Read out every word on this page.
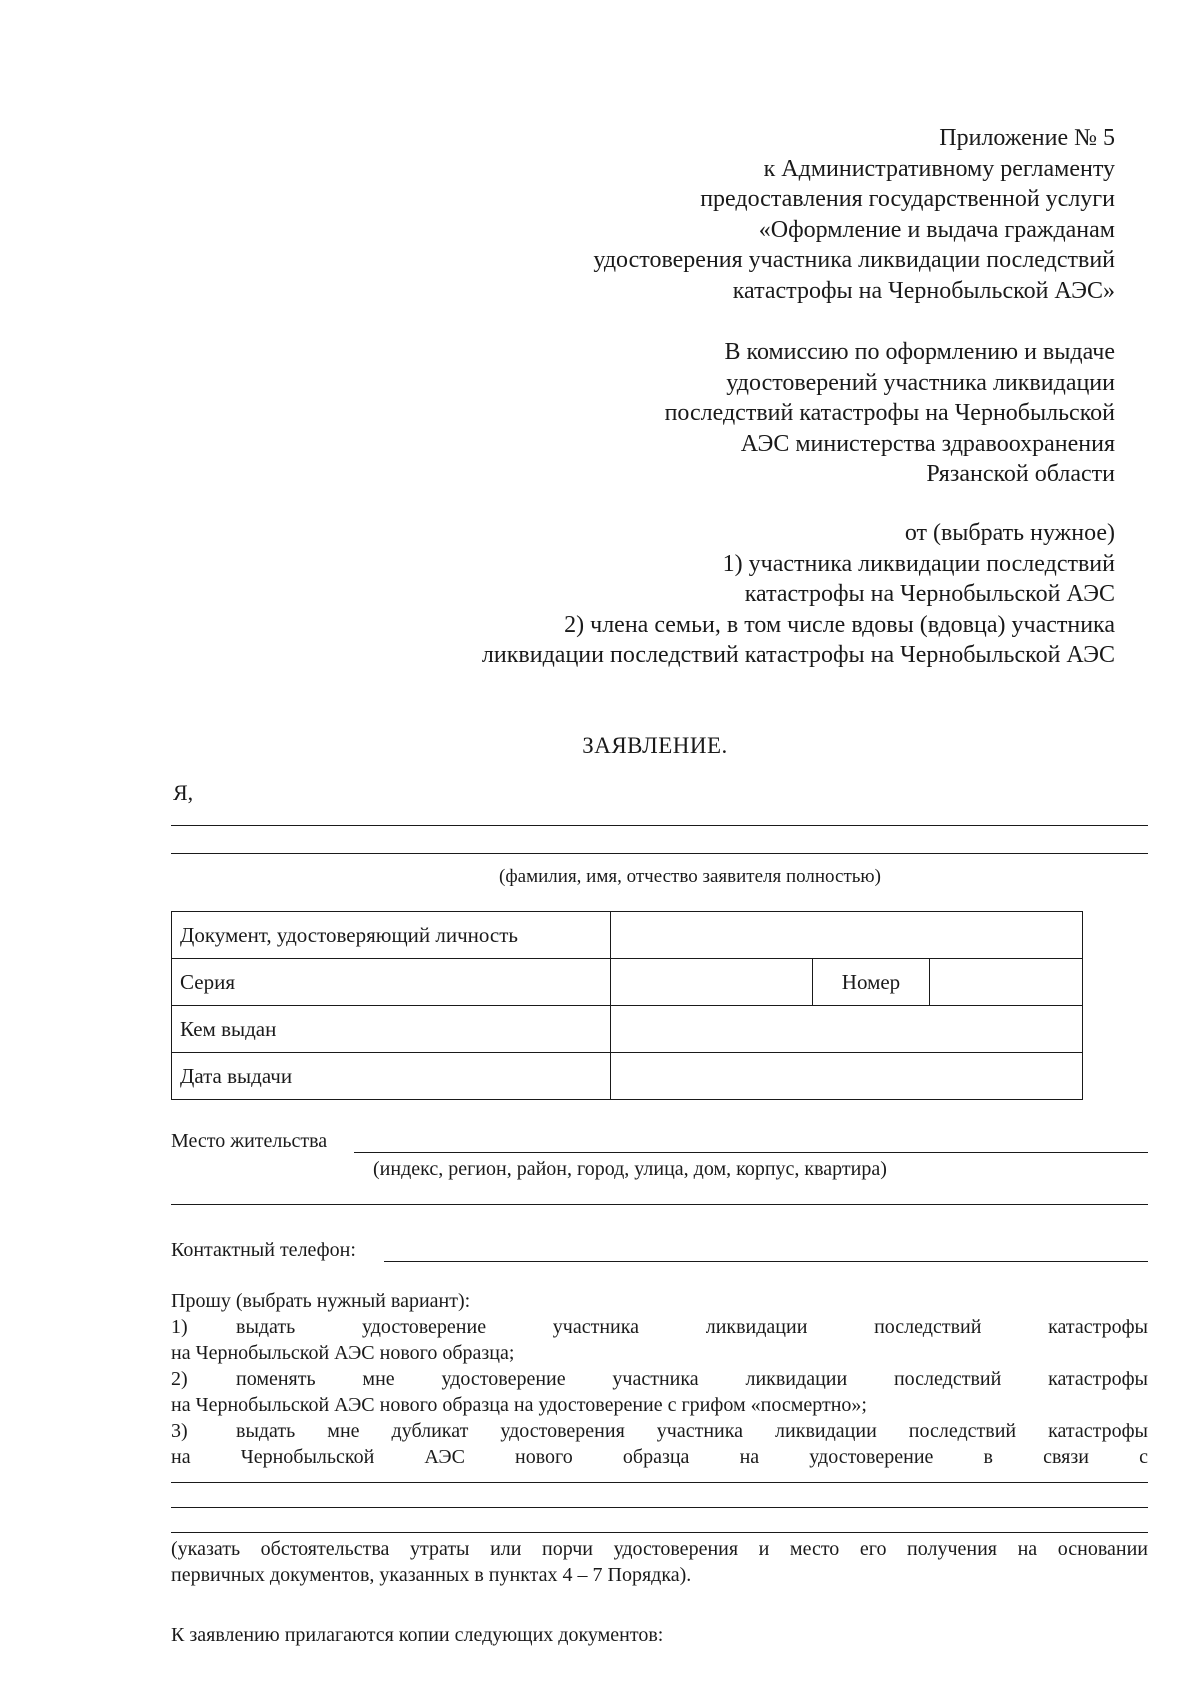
Приложение № 5
к Административному регламенту
предоставления государственной услуги
«Оформление и выдача гражданам
удостоверения участника ликвидации последствий
катастрофы на Чернобыльской АЭС»
В комиссию по оформлению и выдаче
удостоверений участника ликвидации
последствий катастрофы на Чернобыльской
АЭС министерства здравоохранения
Рязанской области
от (выбрать нужное)
1) участника ликвидации последствий
катастрофы на Чернобыльской АЭС
2) члена семьи, в том числе вдовы (вдовца) участника
ликвидации последствий катастрофы на Чернобыльской АЭС
ЗАЯВЛЕНИЕ.
Я,
(фамилия, имя, отчество заявителя полностью)
Документ, удостоверяющий личность			
Серия		Номер	
Кем выдан			
Дата выдачи			
Место жительства
(индекс, регион, район, город, улица, дом, корпус, квартира)
Контактный телефон:
Прошу (выбрать нужный вариант):
1) выдать удостоверение участника ликвидации последствий катастрофы
на Чернобыльской АЭС нового образца;
2) поменять мне удостоверение участника ликвидации последствий катастрофы
на Чернобыльской АЭС нового образца на удостоверение с грифом «посмертно»;
3) выдать мне дубликат удостоверения участника ликвидации последствий катастрофы
на	Чернобыльской	АЭС	нового	образца	на	удостоверение	в	связи	с
(указать обстоятельства утраты или порчи удостоверения и место его получения на основании
первичных документов, указанных в пунктах 4 – 7 Порядка).
К заявлению прилагаются копии следующих документов:
